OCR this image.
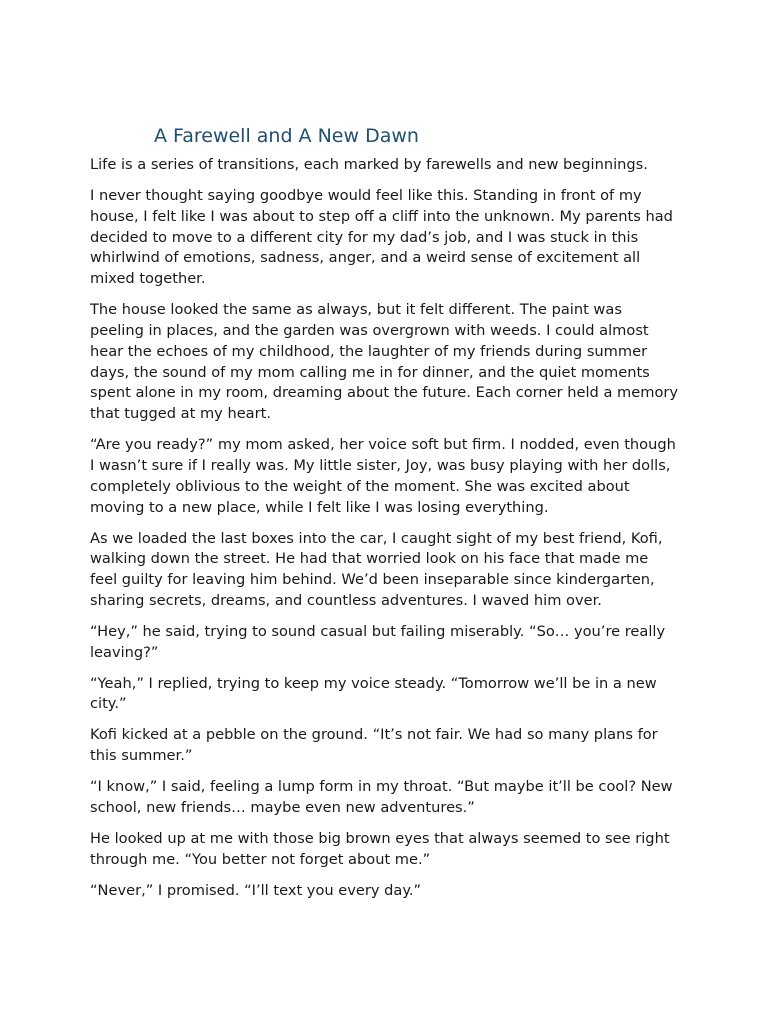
A Farewell and A New Dawn

Life is a series of transitions, each marked by farewells and new beginnings.

I never thought saying goodbye would feel like this. Standing in front of my house, I felt like I was about to step off a cliff into the unknown. My parents had decided to move to a different city for my dad’s job, and I was stuck in this whirlwind of emotions, sadness, anger, and a weird sense of excitement all mixed together.

The house looked the same as always, but it felt different. The paint was peeling in places, and the garden was overgrown with weeds. I could almost hear the echoes of my childhood, the laughter of my friends during summer days, the sound of my mom calling me in for dinner, and the quiet moments spent alone in my room, dreaming about the future. Each corner held a memory that tugged at my heart.

“Are you ready?” my mom asked, her voice soft but firm. I nodded, even though I wasn’t sure if I really was. My little sister, Joy, was busy playing with her dolls, completely oblivious to the weight of the moment. She was excited about moving to a new place, while I felt like I was losing everything.

As we loaded the last boxes into the car, I caught sight of my best friend, Kofi, walking down the street. He had that worried look on his face that made me feel guilty for leaving him behind. We’d been inseparable since kindergarten, sharing secrets, dreams, and countless adventures. I waved him over.

“Hey,” he said, trying to sound casual but failing miserably. “So… you’re really leaving?”

“Yeah,” I replied, trying to keep my voice steady. “Tomorrow we’ll be in a new city.”

Kofi kicked at a pebble on the ground. “It’s not fair. We had so many plans for this summer.”

“I know,” I said, feeling a lump form in my throat. “But maybe it’ll be cool? New school, new friends… maybe even new adventures.”

He looked up at me with those big brown eyes that always seemed to see right through me. “You better not forget about me.”

“Never,” I promised. “I’ll text you every day.”
